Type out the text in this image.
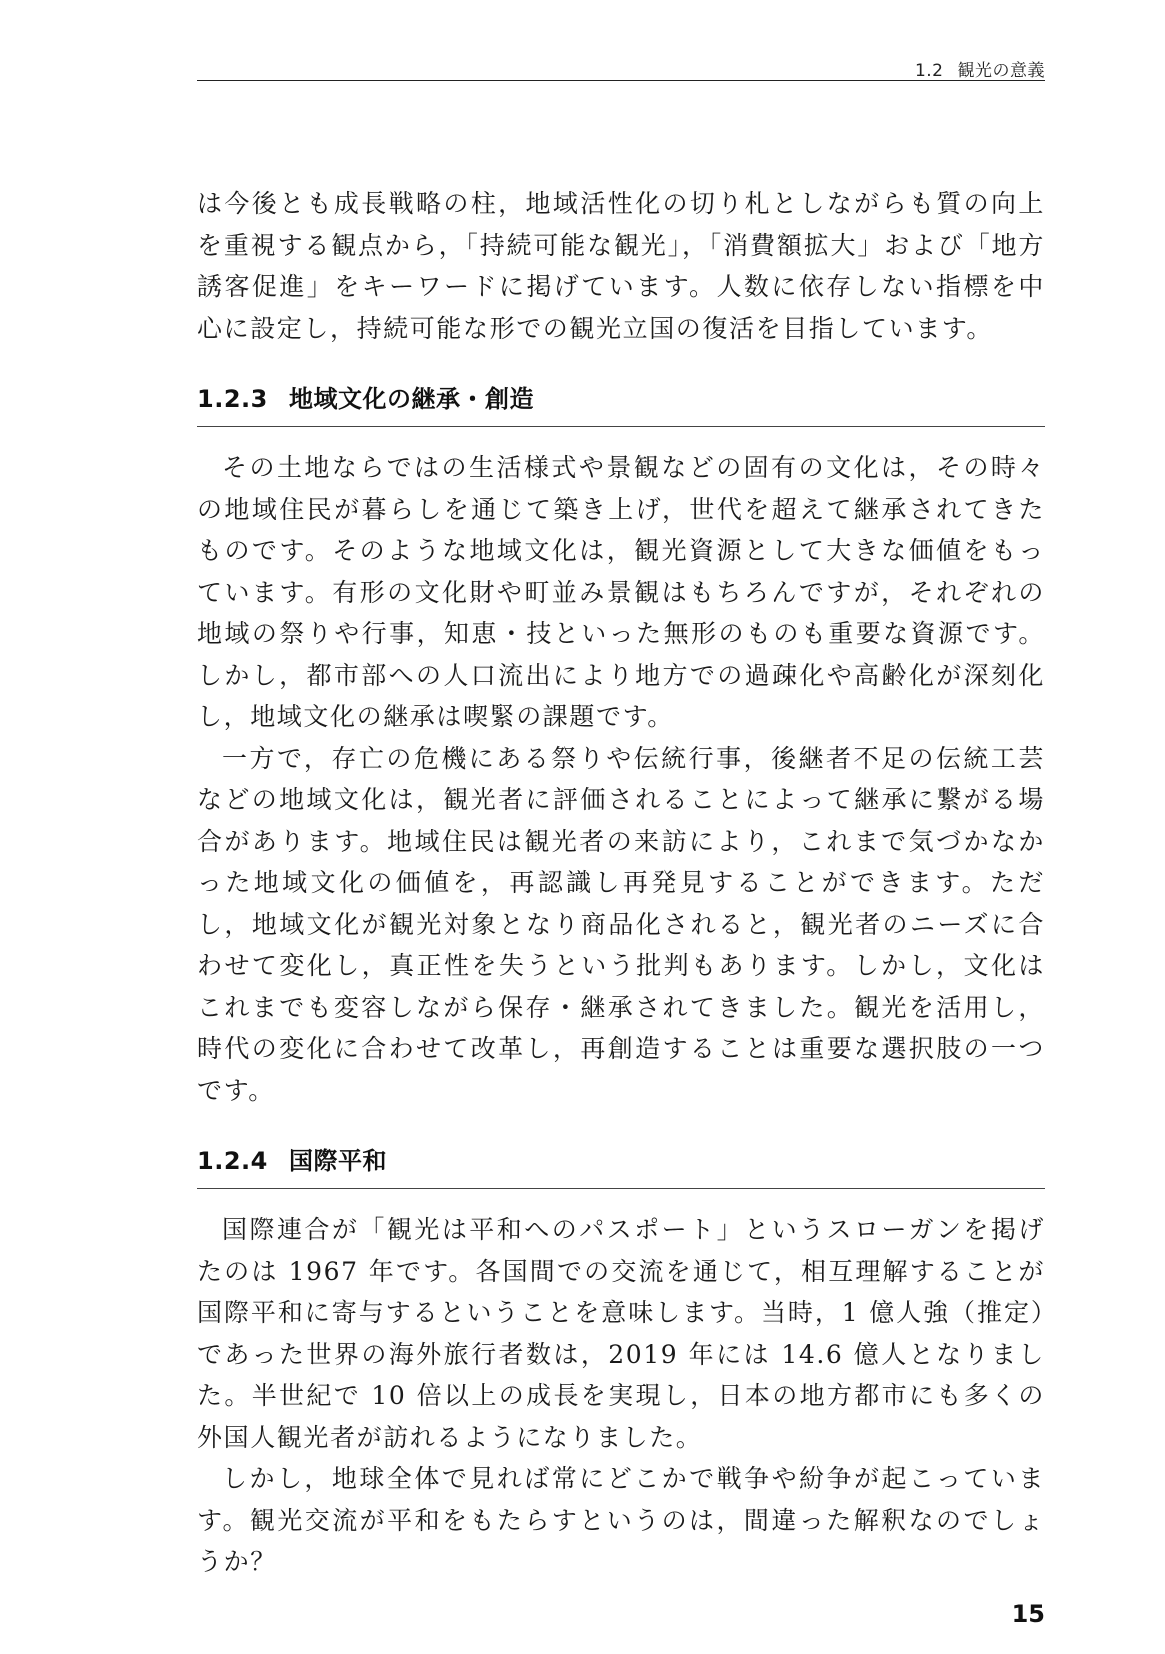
1.2 観光の意義

は今後とも成長戦略の柱，地域活性化の切り札としながらも質の向上を重視する観点から，「持続可能な観光」，「消費額拡大」および「地方誘客促進」をキーワードに掲げています。人数に依存しない指標を中心に設定し，持続可能な形での観光立国の復活を目指しています。

1.2.3 地域文化の継承・創造

その土地ならではの生活様式や景観などの固有の文化は，その時々の地域住民が暮らしを通じて築き上げ，世代を超えて継承されてきたものです。そのような地域文化は，観光資源として大きな価値をもっています。有形の文化財や町並み景観はもちろんですが，それぞれの地域の祭りや行事，知恵・技といった無形のものも重要な資源です。しかし，都市部への人口流出により地方での過疎化や高齢化が深刻化し，地域文化の継承は喫緊の課題です。

一方で，存亡の危機にある祭りや伝統行事，後継者不足の伝統工芸などの地域文化は，観光者に評価されることによって継承に繋がる場合があります。地域住民は観光者の来訪により，これまで気づかなかった地域文化の価値を，再認識し再発見することができます。ただし，地域文化が観光対象となり商品化されると，観光者のニーズに合わせて変化し，真正性を失うという批判もあります。しかし，文化はこれまでも変容しながら保存・継承されてきました。観光を活用し，時代の変化に合わせて改革し，再創造することは重要な選択肢の一つです。

1.2.4 国際平和

国際連合が「観光は平和へのパスポート」というスローガンを掲げたのは 1967 年です。各国間での交流を通じて，相互理解することが国際平和に寄与するということを意味します。当時，1 億人強（推定）であった世界の海外旅行者数は，2019 年には 14.6 億人となりました。半世紀で 10 倍以上の成長を実現し，日本の地方都市にも多くの外国人観光者が訪れるようになりました。

しかし，地球全体で見れば常にどこかで戦争や紛争が起こっています。観光交流が平和をもたらすというのは，間違った解釈なのでしょうか？

15
